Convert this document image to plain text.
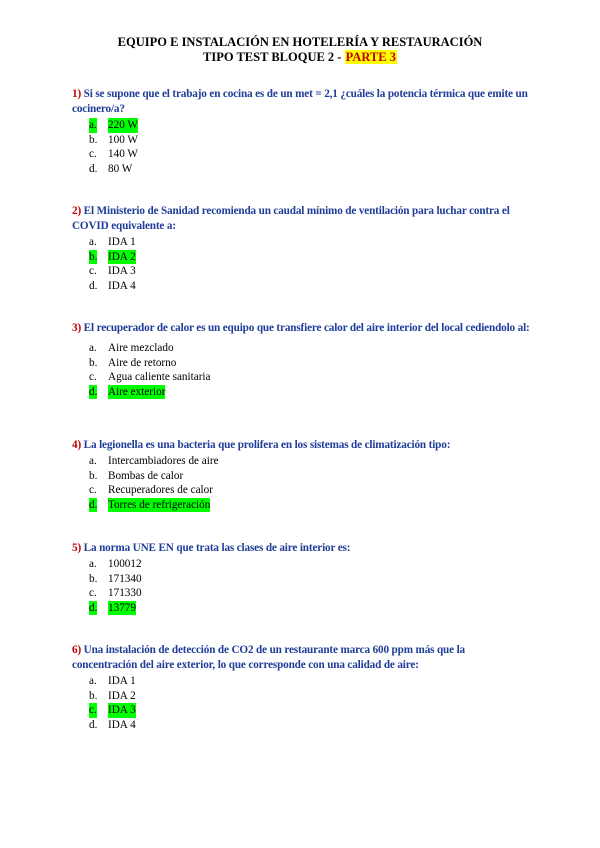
EQUIPO E INSTALACIÓN EN HOTELERÍA Y RESTAURACIÓN
TIPO TEST BLOQUE 2 - PARTE 3
1) Si se supone que el trabajo en cocina es de un met = 2,1 ¿cuáles la potencia térmica que emite un cocinero/a?
a. 220 W
b. 100 W
c. 140 W
d. 80 W
2) El Ministerio de Sanidad recomienda un caudal mínimo de ventilación para luchar contra el COVID equivalente a:
a. IDA 1
b. IDA 2
c. IDA 3
d. IDA 4
3) El recuperador de calor es un equipo que transfiere calor del aire interior del local cediendolo al:
a. Aire mezclado
b. Aire de retorno
c. Agua caliente sanitaria
d. Aire exterior
4) La legionella es una bacteria que prolifera en los sistemas de climatización tipo:
a. Intercambiadores de aire
b. Bombas de calor
c. Recuperadores de calor
d. Torres de refrigeración
5) La norma UNE EN que trata las clases de aire interior es:
a. 100012
b. 171340
c. 171330
d. 13779
6) Una instalación de detección de CO2 de un restaurante marca 600 ppm más que la concentración del aire exterior, lo que corresponde con una calidad de aire:
a. IDA 1
b. IDA 2
c. IDA 3
d. IDA 4
